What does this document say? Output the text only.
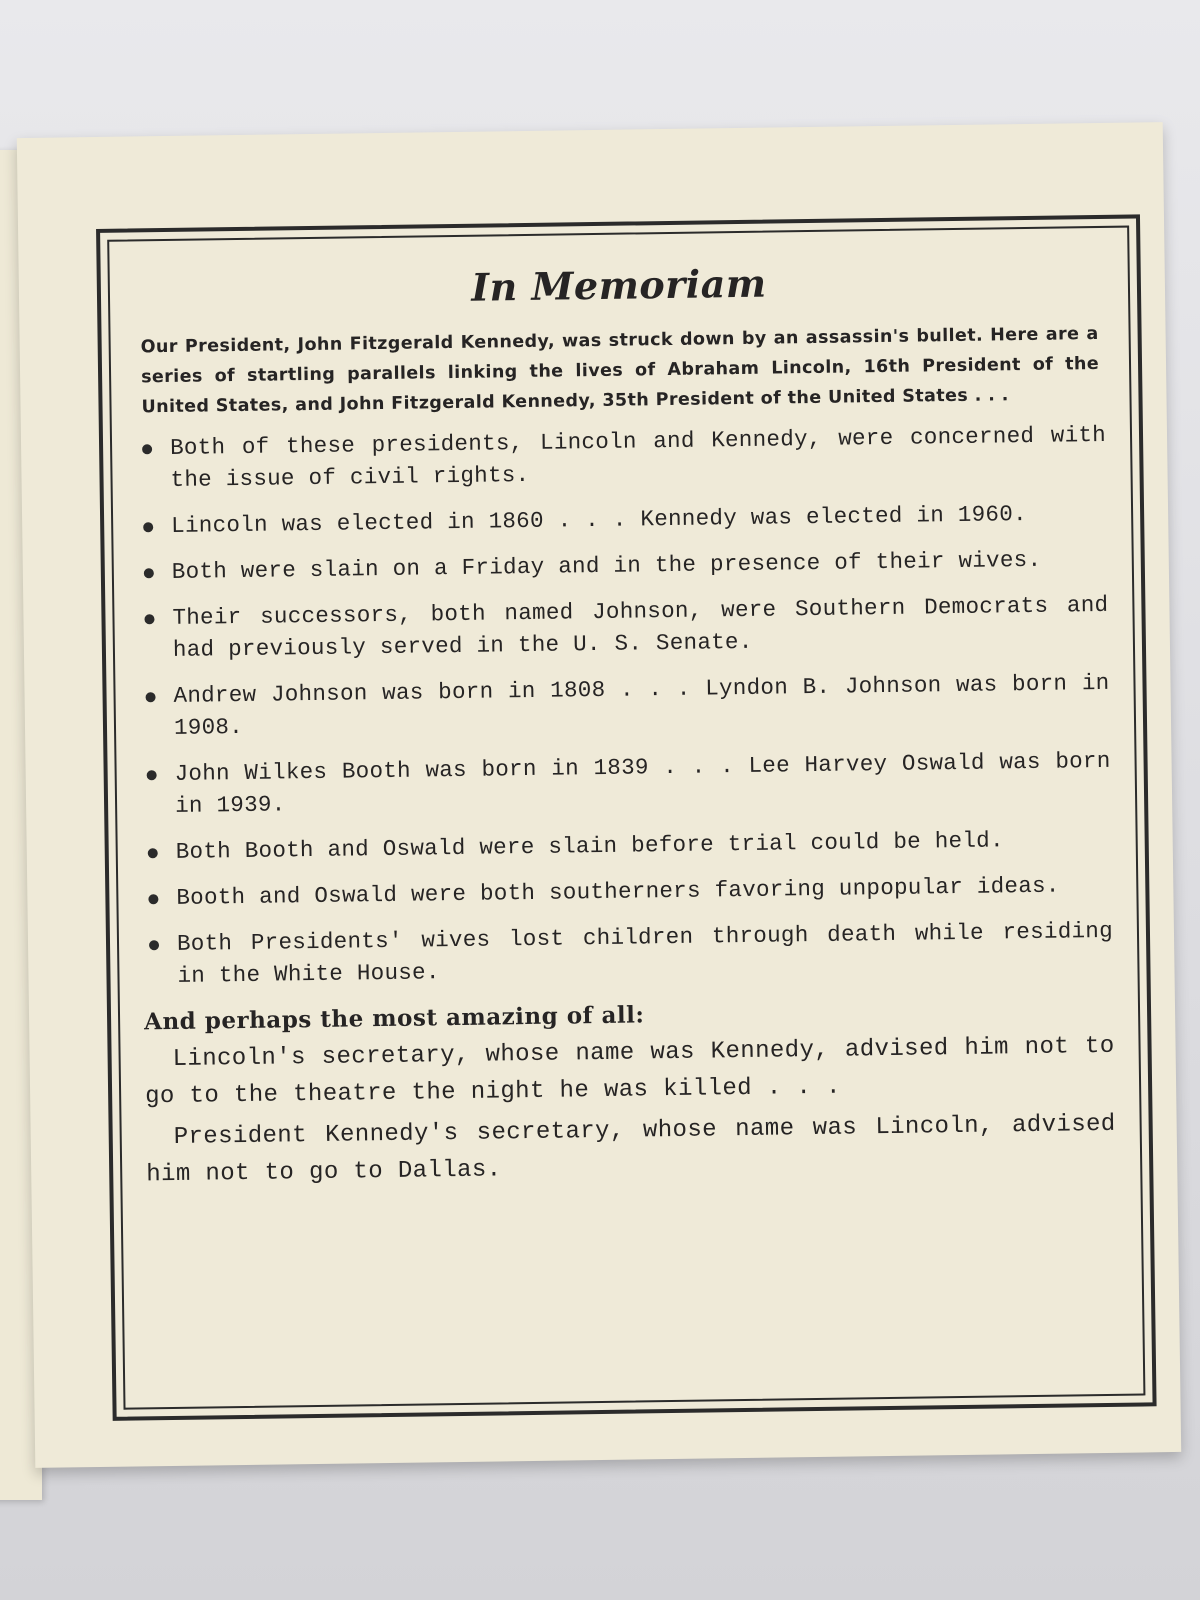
In Memoriam
Our President, John Fitzgerald Kennedy, was struck down by an assassin's bullet. Here are a series of startling parallels linking the lives of Abraham Lincoln, 16th President of the United States, and John Fitzgerald Kennedy, 35th President of the United States . . .
Both of these presidents, Lincoln and Kennedy, were concerned with the issue of civil rights.
Lincoln was elected in 1860 . . . Kennedy was elected in 1960.
Both were slain on a Friday and in the presence of their wives.
Their successors, both named Johnson, were Southern Democrats and had previously served in the U. S. Senate.
Andrew Johnson was born in 1808 . . . Lyndon B. Johnson was born in 1908.
John Wilkes Booth was born in 1839 . . . Lee Harvey Oswald was born in 1939.
Both Booth and Oswald were slain before trial could be held.
Booth and Oswald were both southerners favoring unpopular ideas.
Both Presidents' wives lost children through death while residing in the White House.
And perhaps the most amazing of all:

Lincoln's secretary, whose name was Kennedy, advised him not to go to the theatre the night he was killed . . .

President Kennedy's secretary, whose name was Lincoln, advised him not to go to Dallas.
